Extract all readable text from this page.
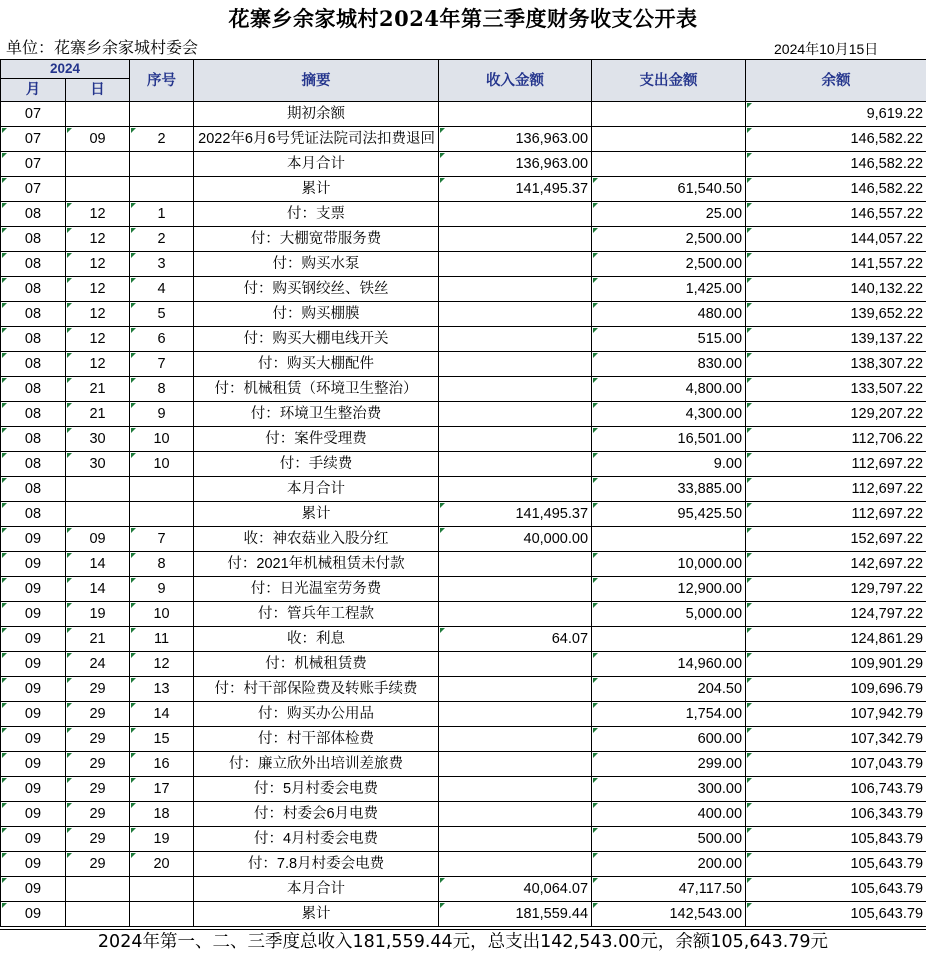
花寨乡余家城村2024年第三季度财务收支公开表
单位：花寨乡余家城村委会	2024年10月15日
2024		序号	摘要	收入金额	支出金额	余额
月	日					
07			期初余额			9,619.22
07	09	2	2022年6月6号凭证法院司法扣费退回	136,963.00		146,582.22
07			本月合计	136,963.00		146,582.22
07			累计	141,495.37	61,540.50	146,582.22
08	12	1	付：支票		25.00	146,557.22
08	12	2	付：大棚宽带服务费		2,500.00	144,057.22
08	12	3	付：购买水泵		2,500.00	141,557.22
08	12	4	付：购买钢绞丝、铁丝		1,425.00	140,132.22
08	12	5	付：购买棚膜		480.00	139,652.22
08	12	6	付：购买大棚电线开关		515.00	139,137.22
08	12	7	付：购买大棚配件		830.00	138,307.22
08	21	8	付：机械租赁（环境卫生整治）		4,800.00	133,507.22
08	21	9	付：环境卫生整治费		4,300.00	129,207.22
08	30	10	付：案件受理费		16,501.00	112,706.22
08	30	10	付：手续费		9.00	112,697.22
08			本月合计		33,885.00	112,697.22
08			累计	141,495.37	95,425.50	112,697.22
09	09	7	收：神农菇业入股分红	40,000.00		152,697.22
09	14	8	付：2021年机械租赁未付款		10,000.00	142,697.22
09	14	9	付：日光温室劳务费		12,900.00	129,797.22
09	19	10	付：管兵年工程款		5,000.00	124,797.22
09	21	11	收：利息	64.07		124,861.29
09	24	12	付：机械租赁费		14,960.00	109,901.29
09	29	13	付：村干部保险费及转账手续费		204.50	109,696.79
09	29	14	付：购买办公用品		1,754.00	107,942.79
09	29	15	付：村干部体检费		600.00	107,342.79
09	29	16	付：廉立欣外出培训差旅费		299.00	107,043.79
09	29	17	付：5月村委会电费		300.00	106,743.79
09	29	18	付：村委会6月电费		400.00	106,343.79
09	29	19	付：4月村委会电费		500.00	105,843.79
09	29	20	付：7.8月村委会电费		200.00	105,643.79
09			本月合计	40,064.07	47,117.50	105,643.79
09			累计	181,559.44	142,543.00	105,643.79
2024年第一、二、三季度总收入181,559.44元，总支出142,543.00元，余额105,643.79元
